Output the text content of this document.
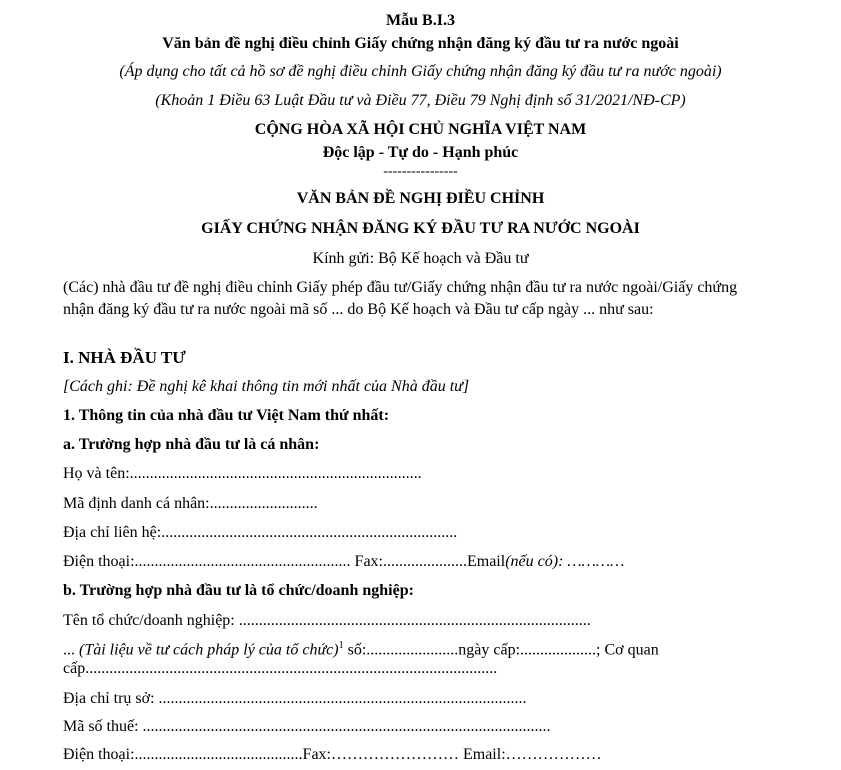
Mẫu B.I.3
Văn bản đề nghị điều chỉnh Giấy chứng nhận đăng ký đầu tư ra nước ngoài
(Áp dụng cho tất cả hồ sơ đề nghị điều chỉnh Giấy chứng nhận đăng ký đầu tư ra nước ngoài)
(Khoản 1 Điều 63 Luật Đầu tư và Điều 77, Điều 79 Nghị định số 31/2021/NĐ-CP)
CỘNG HÒA XÃ HỘI CHỦ NGHĨA VIỆT NAM
Độc lập - Tự do - Hạnh phúc
----------------
VĂN BẢN ĐỀ NGHỊ ĐIỀU CHỈNH
GIẤY CHỨNG NHẬN ĐĂNG KÝ ĐẦU TƯ RA NƯỚC NGOÀI
Kính gửi: Bộ Kế hoạch và Đầu tư
(Các) nhà đầu tư đề nghị điều chỉnh Giấy phép đầu tư/Giấy chứng nhận đầu tư ra nước ngoài/Giấy chứng nhận đăng ký đầu tư ra nước ngoài mã số ... do Bộ Kế hoạch và Đầu tư cấp ngày ... như sau:
I. NHÀ ĐẦU TƯ
[Cách ghi: Đề nghị kê khai thông tin mới nhất của Nhà đầu tư]
1. Thông tin của nhà đầu tư Việt Nam thứ nhất:
a. Trường hợp nhà đầu tư là cá nhân:
Họ và tên:.........................................................................
Mã định danh cá nhân:...........................
Địa chỉ liên hệ:..........................................................................
Điện thoại:...................................................... Fax:.....................Email(nếu có): …………
b. Trường hợp nhà đầu tư là tổ chức/doanh nghiệp:
Tên tổ chức/doanh nghiệp: ........................................................................................
... (Tài liệu về tư cách pháp lý của tổ chức)$^1$ số:.......................ngày cấp:...................; Cơ quan
cấp.......................................................................................................
Địa chỉ trụ sở: ............................................................................................
Mã số thuế: ......................................................................................................
Điện thoại:..........................................Fax:…………………… Email:………………
